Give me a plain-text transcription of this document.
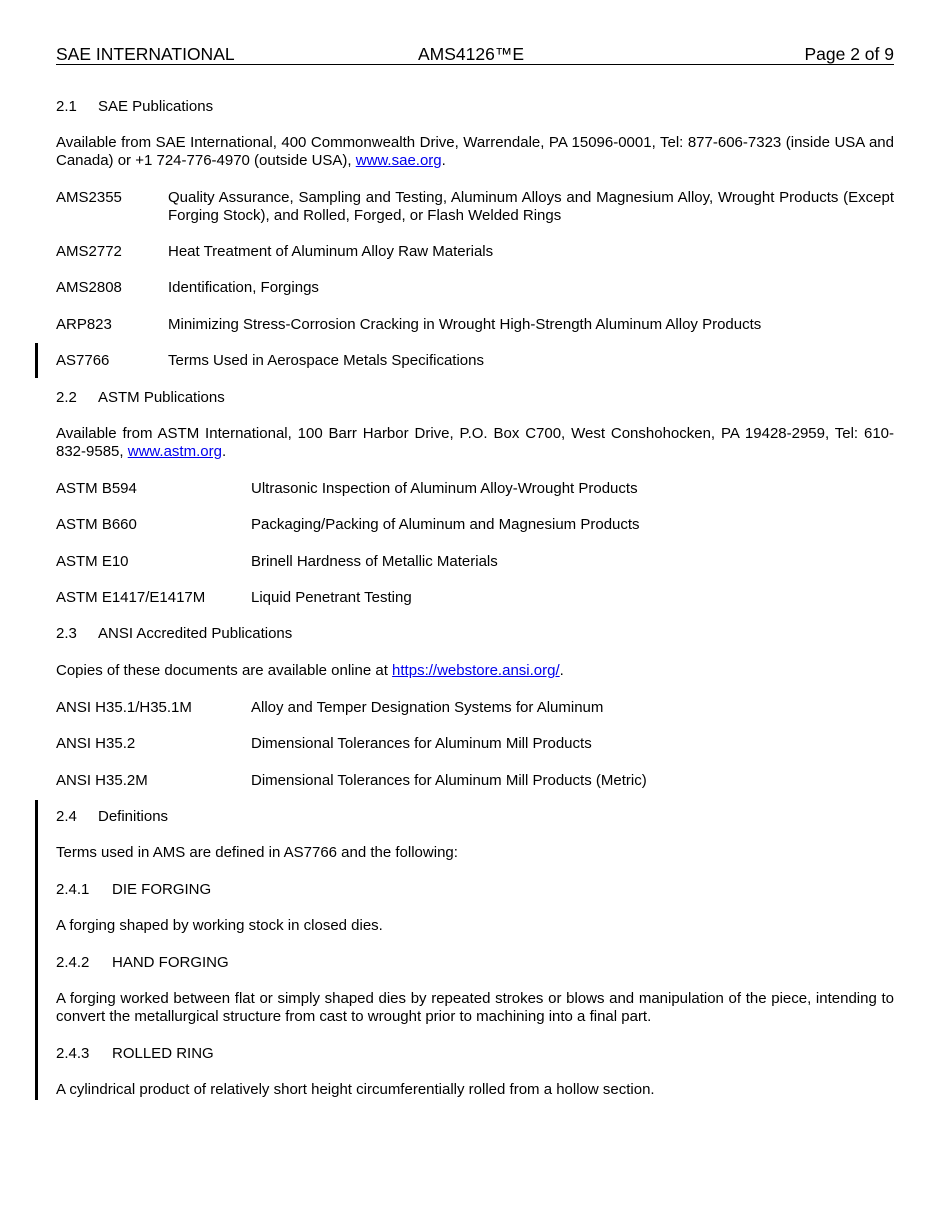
SAE INTERNATIONAL	AMS4126™E	Page 2 of 9
2.1 SAE Publications
Available from SAE International, 400 Commonwealth Drive, Warrendale, PA 15096-0001, Tel: 877-606-7323 (inside USA and Canada) or +1 724-776-4970 (outside USA), www.sae.org.
AMS2355	Quality Assurance, Sampling and Testing, Aluminum Alloys and Magnesium Alloy, Wrought Products (Except Forging Stock), and Rolled, Forged, or Flash Welded Rings
AMS2772	Heat Treatment of Aluminum Alloy Raw Materials
AMS2808	Identification, Forgings
ARP823	Minimizing Stress-Corrosion Cracking in Wrought High-Strength Aluminum Alloy Products
AS7766	Terms Used in Aerospace Metals Specifications
2.2 ASTM Publications
Available from ASTM International, 100 Barr Harbor Drive, P.O. Box C700, West Conshohocken, PA 19428-2959, Tel: 610-832-9585, www.astm.org.
ASTM B594	Ultrasonic Inspection of Aluminum Alloy-Wrought Products
ASTM B660	Packaging/Packing of Aluminum and Magnesium Products
ASTM E10	Brinell Hardness of Metallic Materials
ASTM E1417/E1417M	Liquid Penetrant Testing
2.3 ANSI Accredited Publications
Copies of these documents are available online at https://webstore.ansi.org/.
ANSI H35.1/H35.1M	Alloy and Temper Designation Systems for Aluminum
ANSI H35.2	Dimensional Tolerances for Aluminum Mill Products
ANSI H35.2M	Dimensional Tolerances for Aluminum Mill Products (Metric)
2.4 Definitions
Terms used in AMS are defined in AS7766 and the following:
2.4.1 DIE FORGING
A forging shaped by working stock in closed dies.
2.4.2 HAND FORGING
A forging worked between flat or simply shaped dies by repeated strokes or blows and manipulation of the piece, intending to convert the metallurgical structure from cast to wrought prior to machining into a final part.
2.4.3 ROLLED RING
A cylindrical product of relatively short height circumferentially rolled from a hollow section.
